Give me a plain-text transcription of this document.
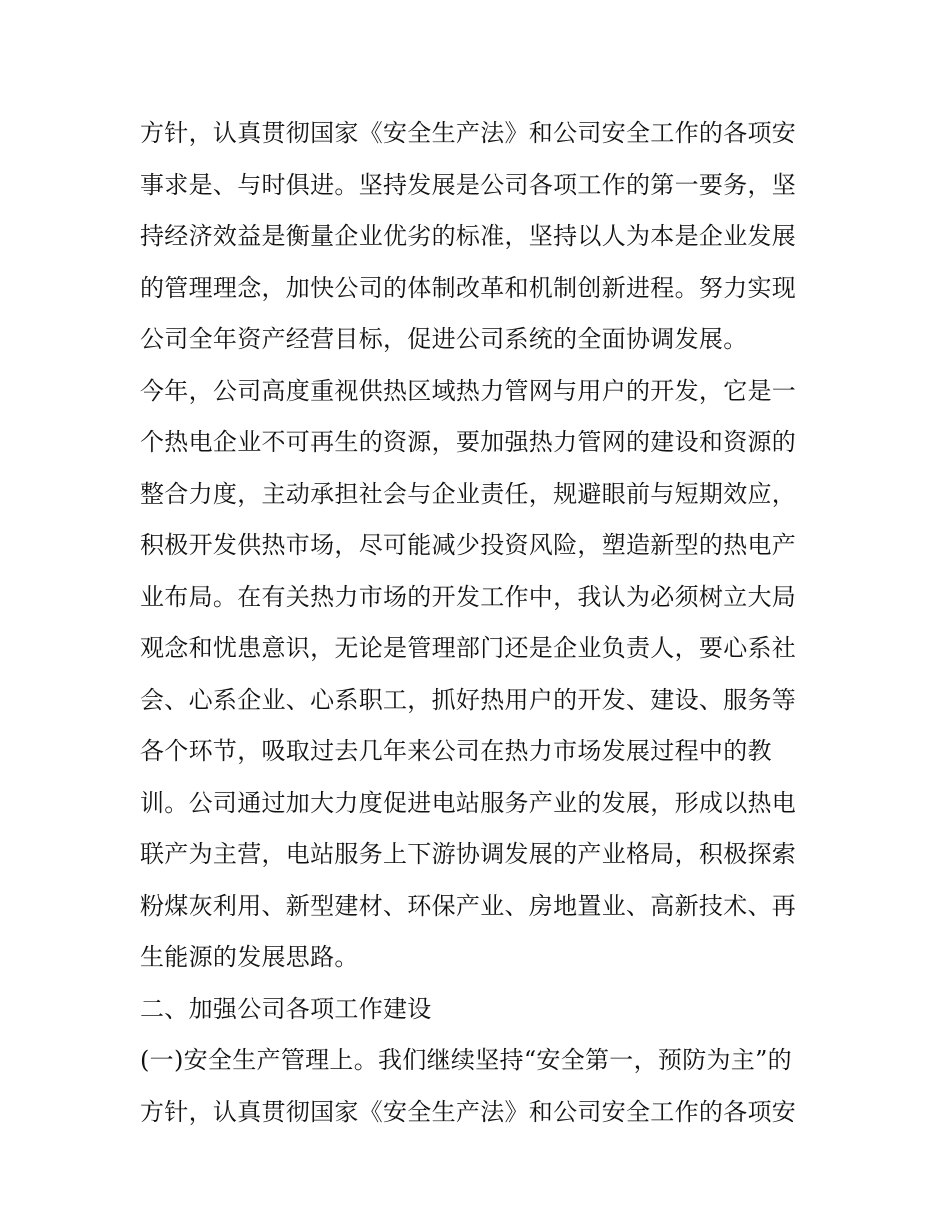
方针，认真贯彻国家《安全生产法》和公司安全工作的各项安
事求是、与时俱进。坚持发展是公司各项工作的第一要务，坚
持经济效益是衡量企业优劣的标准，坚持以人为本是企业发展
的管理理念，加快公司的体制改革和机制创新进程。努力实现
公司全年资产经营目标，促进公司系统的全面协调发展。
今年，公司高度重视供热区域热力管网与用户的开发，它是一
个热电企业不可再生的资源，要加强热力管网的建设和资源的
整合力度，主动承担社会与企业责任，规避眼前与短期效应，
积极开发供热市场，尽可能减少投资风险，塑造新型的热电产
业布局。在有关热力市场的开发工作中，我认为必须树立大局
观念和忧患意识，无论是管理部门还是企业负责人，要心系社
会、心系企业、心系职工，抓好热用户的开发、建设、服务等
各个环节，吸取过去几年来公司在热力市场发展过程中的教
训。公司通过加大力度促进电站服务产业的发展，形成以热电
联产为主营，电站服务上下游协调发展的产业格局，积极探索
粉煤灰利用、新型建材、环保产业、房地置业、高新技术、再
生能源的发展思路。
二、加强公司各项工作建设
(一)安全生产管理上。我们继续坚持“安全第一，预防为主”的
方针，认真贯彻国家《安全生产法》和公司安全工作的各项安
